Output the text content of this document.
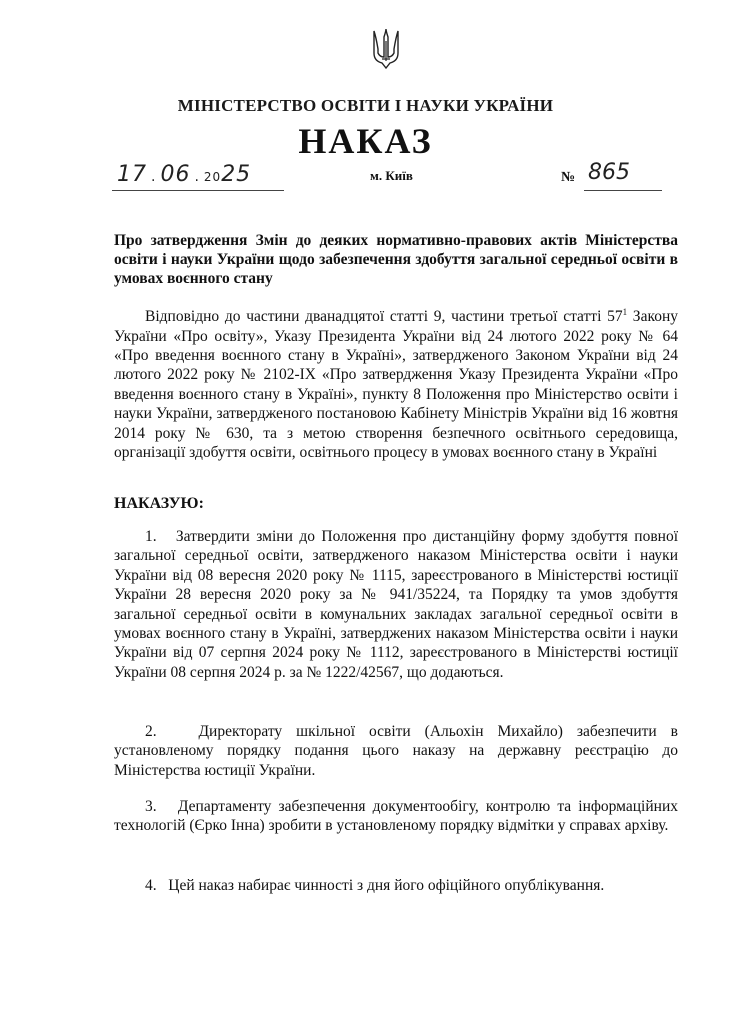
МІНІСТЕРСТВО ОСВІТИ І НАУКИ УКРАЇНИ
НАКАЗ
17 . 06 . 2025	м. Київ	№ 865
Про затвердження Змін до деяких нормативно-правових актів Міністерства освіти і науки України щодо забезпечення здобуття загальної середньої освіти в умовах воєнного стану
Відповідно до частини дванадцятої статті 9, частини третьої статті $57^1$ Закону України «Про освіту», Указу Президента України від 24 лютого 2022 року № 64 «Про введення воєнного стану в Україні», затвердженого Законом України від 24 лютого 2022 року № 2102-ІХ «Про затвердження Указу Президента України «Про введення воєнного стану в Україні», пункту 8 Положення про Міністерство освіти і науки України, затвердженого постановою Кабінету Міністрів України від 16 жовтня 2014 року № 630, та з метою створення безпечного освітнього середовища, організації здобуття освіти, освітнього процесу в умовах воєнного стану в Україні
НАКАЗУЮ:
1. Затвердити зміни до Положення про дистанційну форму здобуття повної загальної середньої освіти, затвердженого наказом Міністерства освіти і науки України від 08 вересня 2020 року № 1115, зареєстрованого в Міністерстві юстиції України 28 вересня 2020 року за № 941/35224, та Порядку та умов здобуття загальної середньої освіти в комунальних закладах загальної середньої освіти в умовах воєнного стану в Україні, затверджених наказом Міністерства освіти і науки України від 07 серпня 2024 року № 1112, зареєстрованого в Міністерстві юстиції України 08 серпня 2024 р. за № 1222/42567, що додаються.
2.	Директорату шкільної освіти (Альохін Михайло) забезпечити в установленому порядку подання цього наказу на державну реєстрацію до Міністерства юстиції України.
3. Департаменту забезпечення документообігу, контролю та інформаційних технологій (Єрко Інна) зробити в установленому порядку відмітки у справах архіву.
4. Цей наказ набирає чинності з дня його офіційного опублікування.
